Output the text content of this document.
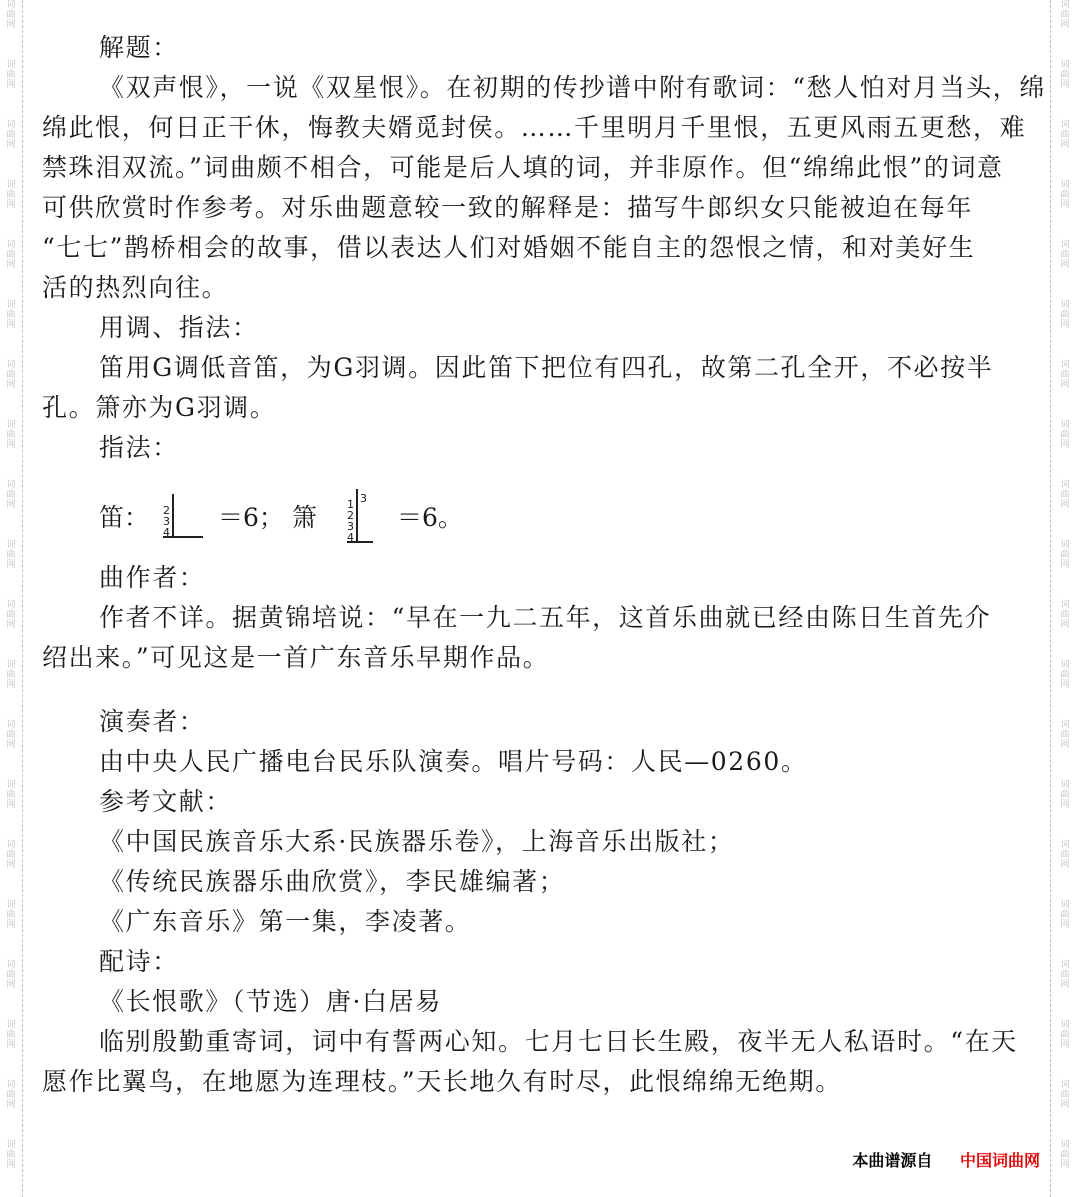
词
曲
网
词
曲
网
词
曲
网
词
曲
网
词
曲
网
词
曲
网
词
曲
网
词
曲
网
词
曲
网
词
曲
网
词
曲
网
词
曲
网
词
曲
网
词
曲
网
词
曲
网
词
曲
网
词
曲
网
词
曲
网
词
曲
网
词
曲
网
词
曲
网
词
曲
网
词
曲
网
词
曲
网
词
曲
网
词
曲
网
词
曲
网
词
曲
网
词
曲
网
词
曲
网
词
曲
网
词
曲
网
词
曲
网
词
曲
网
词
曲
网
词
曲
网
词
曲
网
词
曲
网
词
曲
网
词
曲
网
解题：
《双声恨》，一说《双星恨》。在初期的传抄谱中附有歌词：“愁人怕对月当头，绵
绵此恨，何日正干休，悔教夫婿觅封侯。……千里明月千里恨，五更风雨五更愁，难
禁珠泪双流。”词曲颇不相合，可能是后人填的词，并非原作。但“绵绵此恨”的词意
可供欣赏时作参考。对乐曲题意较一致的解释是：描写牛郎织女只能被迫在每年
“七七”鹊桥相会的故事，借以表达人们对婚姻不能自主的怨恨之情，和对美好生
活的热烈向往。
用调、指法：
笛用G调低音笛，为G羽调。因此笛下把位有四孔，故第二孔全开，不必按半
孔。箫亦为G羽调。
指法：
笛： 2
3
4
＝6； 箫	1
2
3
4
3
＝6。
曲作者：
作者不详。据黄锦培说：“早在一九二五年，这首乐曲就已经由陈日生首先介
绍出来。”可见这是一首广东音乐早期作品。
演奏者：
由中央人民广播电台民乐队演奏。唱片号码：人民—0260。
参考文献：
《中国民族音乐大系·民族器乐卷》，上海音乐出版社；
《传统民族器乐曲欣赏》，李民雄编著；
《广东音乐》第一集，李凌著。
配诗：
《长恨歌》（节选）唐·白居易
临别殷勤重寄词，词中有誓两心知。七月七日长生殿，夜半无人私语时。“在天
愿作比翼鸟，在地愿为连理枝。”天长地久有时尽，此恨绵绵无绝期。
本曲谱源自 中国词曲网
